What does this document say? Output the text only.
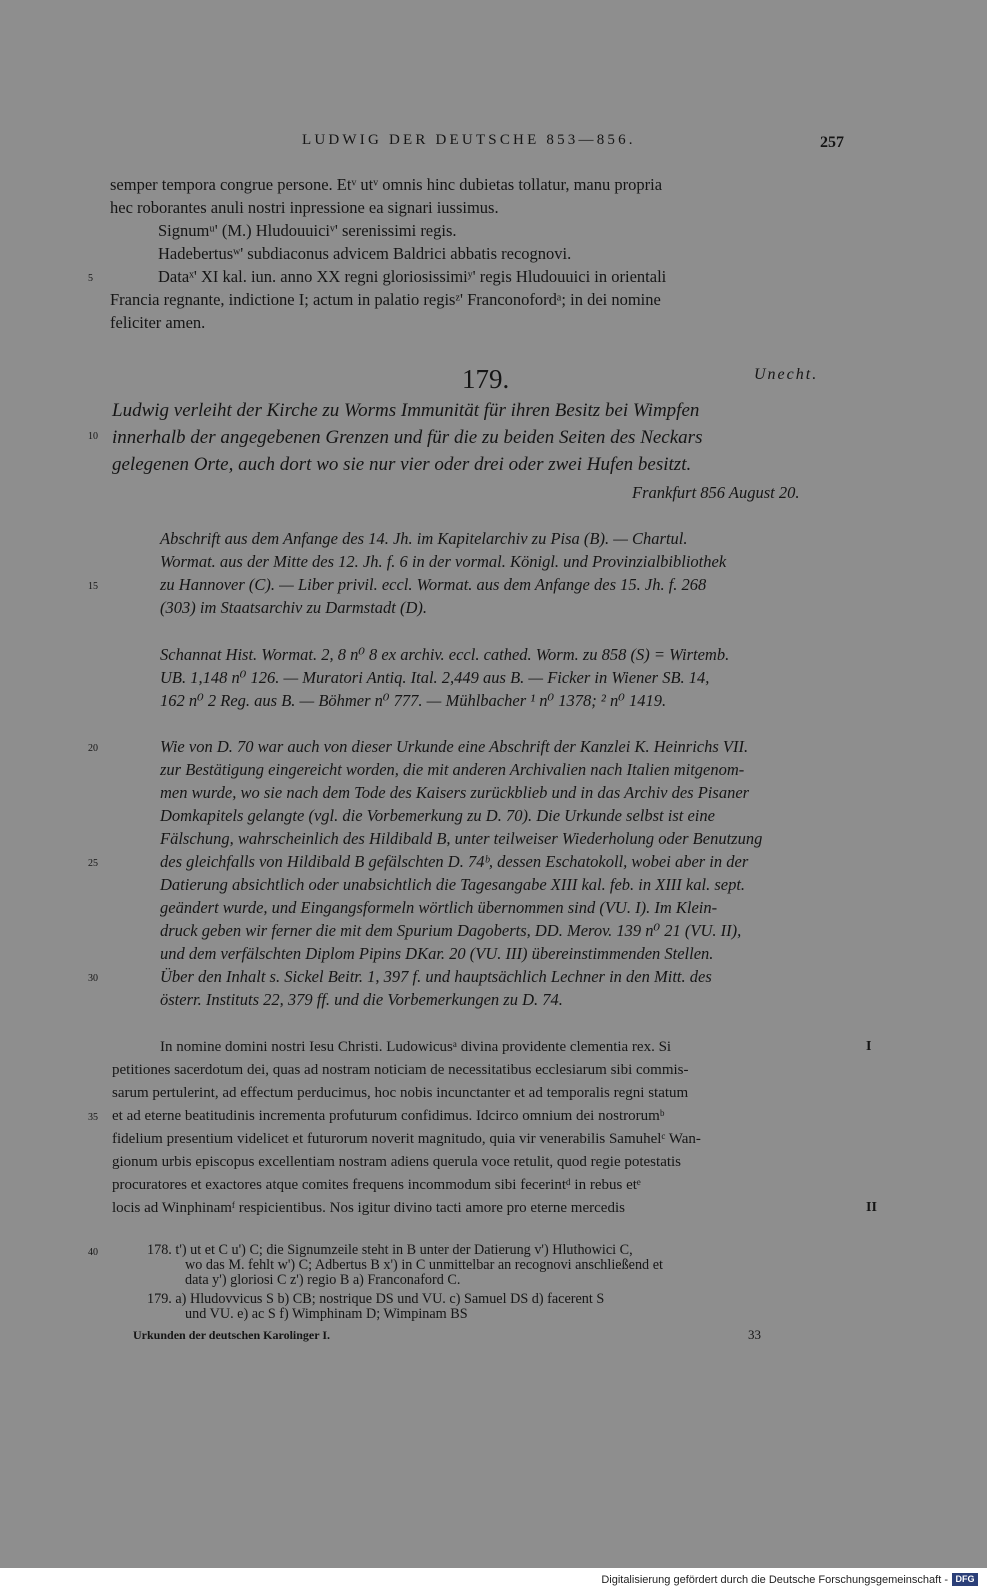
LUDWIG DER DEUTSCHE 853—856.	257
semper tempora congrue persone. Etᵛ utᵛ omnis hinc dubietas tollatur, manu propria
hec roborantes anuli nostri inpressione ea signari iussimus.
Signumᵘ' (M.) Hludouuiciᵛ' serenissimi regis.
Hadebertusʷ' subdiaconus advicem Baldrici abbatis recognovi.
Dataˣ' XI kal. iun. anno XX regni gloriosissimiʸ' regis Hludouuici in orientali
Francia regnante, indictione I; actum in palatio regisᶻ' Franconofordᵃ; in dei nomine
feliciter amen.
179.	Unecht.
Ludwig verleiht der Kirche zu Worms Immunität für ihren Besitz bei Wimpfen
innerhalb der angegebenen Grenzen und für die zu beiden Seiten des Neckars
gelegenen Orte, auch dort wo sie nur vier oder drei oder zwei Hufen besitzt.
Frankfurt 856 August 20.
Abschrift aus dem Anfange des 14. Jh. im Kapitelarchiv zu Pisa (B). — Chartul.
Wormat. aus der Mitte des 12. Jh. f. 6 in der vormal. Königl. und Provinzialbibliothek
zu Hannover (C). — Liber privil. eccl. Wormat. aus dem Anfange des 15. Jh. f. 268
(303) im Staatsarchiv zu Darmstadt (D).
Schannat Hist. Wormat. 2, 8 n⁰ 8 ex archiv. eccl. cathed. Worm. zu 858 (S) = Wirtemb.
UB. 1,148 n⁰ 126. — Muratori Antiq. Ital. 2,449 aus B. — Ficker in Wiener SB. 14,
162 n⁰ 2 Reg. aus B. — Böhmer n⁰ 777. — Mühlbacher ¹ n⁰ 1378; ² n⁰ 1419.
Wie von D. 70 war auch von dieser Urkunde eine Abschrift der Kanzlei K. Heinrichs VII.
zur Bestätigung eingereicht worden, die mit anderen Archivalien nach Italien mitgenom-
men wurde, wo sie nach dem Tode des Kaisers zurückblieb und in das Archiv des Pisaner
Domkapitels gelangte (vgl. die Vorbemerkung zu D. 70). Die Urkunde selbst ist eine
Fälschung, wahrscheinlich des Hildibald B, unter teilweiser Wiederholung oder Benutzung
des gleichfalls von Hildibald B gefälschten D. 74ᵇ, dessen Eschatokoll, wobei aber in der
Datierung absichtlich oder unabsichtlich die Tagesangabe XIII kal. feb. in XIII kal. sept.
geändert wurde, und Eingangsformeln wörtlich übernommen sind (VU. I). Im Klein-
druck geben wir ferner die mit dem Spurium Dagoberts, DD. Merov. 139 n⁰ 21 (VU. II),
und dem verfälschten Diplom Pipins DKar. 20 (VU. III) übereinstimmenden Stellen.
Über den Inhalt s. Sickel Beitr. 1, 397 f. und hauptsächlich Lechner in den Mitt. des
österr. Instituts 22, 379 ff. und die Vorbemerkungen zu D. 74.
In nomine domini nostri Iesu Christi. Ludowicusᵃ divina providente clementia rex. Si
petitiones sacerdotum dei, quas ad nostram noticiam de necessitatibus ecclesiarum sibi commis-
sarum pertulerint, ad effectum perducimus, hoc nobis incunctanter et ad temporalis regni statum
et ad eterne beatitudinis incrementa profuturum confidimus. Idcirco omnium dei nostrorumᵇ
fidelium presentium videlicet et futurorum noverit magnitudo, quia vir venerabilis Samuhelᶜ Wan-
gionum urbis episcopus excellentiam nostram adiens querula voce retulit, quod regie potestatis
procuratores et exactores atque comites frequens incommodum sibi fecerintᵈ in rebus etᵉ
locis ad Winphinamᶠ respicientibus. Nos igitur divino tacti amore pro eterne mercedis
I
II
5
10
15
20
25
30
35
40	178. t') ut et C u') C; die Signumzeile steht in B unter der Datierung v') Hluthowici C,
wo das M. fehlt w') C; Adbertus B x') in C unmittelbar an recognovi anschließend et
data y') gloriosi C z') regio B a) Franconaford C.
179. a) Hludovvicus S b) CB; nostrique DS und VU. c) Samuel DS d) facerent S
und VU. e) ac S f) Wimphinam D; Wimpinam BS
Urkunden der deutschen Karolinger I.	33
Digitalisierung gefördert durch die Deutsche Forschungsgemeinschaft - DFG
